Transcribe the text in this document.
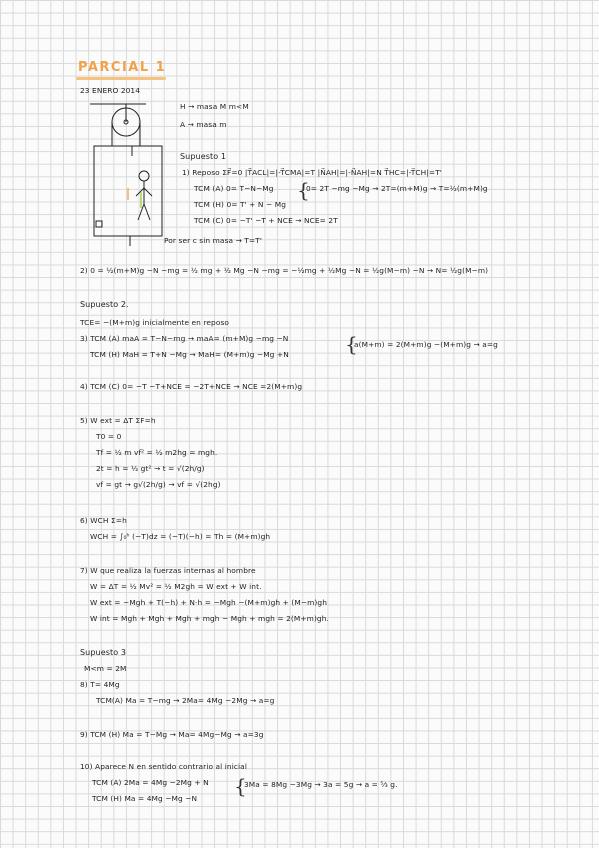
PARCIAL 1
23 ENERO 2014
H → masa M m<M
A → masa m
Supuesto 1
1) Reposo ΣF⃗=0 |T⃗ACL|=|-T⃗CMA|=T |N⃗AH|=|-N⃗AH|=N T⃗HC=|-T⃗CH|=T'
TCM (A) 0= T−N−Mg {
0= 2T −mg −Mg → 2T=(m+M)g → T=½(m+M)g
TCM (H) 0= T' + N − Mg
TCM (C) 0= −T' −T + NCE → NCE= 2T
Por ser c sin masa → T=T'
2) 0 = ½(m+M)g −N −mg = ½ mg + ½ Mg −N −mg = −½mg + ½Mg −N = ½g(M−m) −N → N= ½g(M−m)
Supuesto 2.
TCE= −(M+m)g inicialmente en reposo
3) TCM (A) maA = T−N−mg → maA= (m+M)g −mg −N	{
a(M+m) = 2(M+m)g −(M+m)g → a=g
TCM (H) MaH = T+N −Mg → MaH= (M+m)g −Mg +N
4) TCM (C) 0= −T −T+NCE = −2T+NCE → NCE =2(M+m)g
5) W ext = ΔT ΣF=h
T0 = 0
Tf = ½ m vf² = ½ m2hg = mgh.
2t = h = ½ gt² → t = √(2h/g)
vf = gt → g√(2h/g) → vf = √(2hg)
6) WCH Σ=h
WCH = ∫₀ʰ (−T)dz = (−T)(−h) = Th = (M+m)gh
7) W que realiza la fuerzas internas al hombre
W = ΔT = ½ Mv² = ½ M2gh = W ext + W int.
W ext = −Mgh + T(−h) + N·h = −Mgh −(M+m)gh + (M−m)gh
W int = Mgh + Mgh + Mgh + mgh − Mgh + mgh = 2(M+m)gh.
Supuesto 3
M<m = 2M
8) T= 4Mg
TCM(A) Ma = T−mg → 2Ma= 4Mg −2Mg → a=g
9) TCM (H) Ma = T−Mg → Ma= 4Mg−Mg → a=3g
10) Aparece N en sentido contrario al inicial
TCM (A) 2Ma = 4Mg −2Mg + N {
3Ma = 8Mg −3Mg → 3a = 5g → a = ⁵⁄₃ g.
TCM (H) Ma = 4Mg −Mg −N
